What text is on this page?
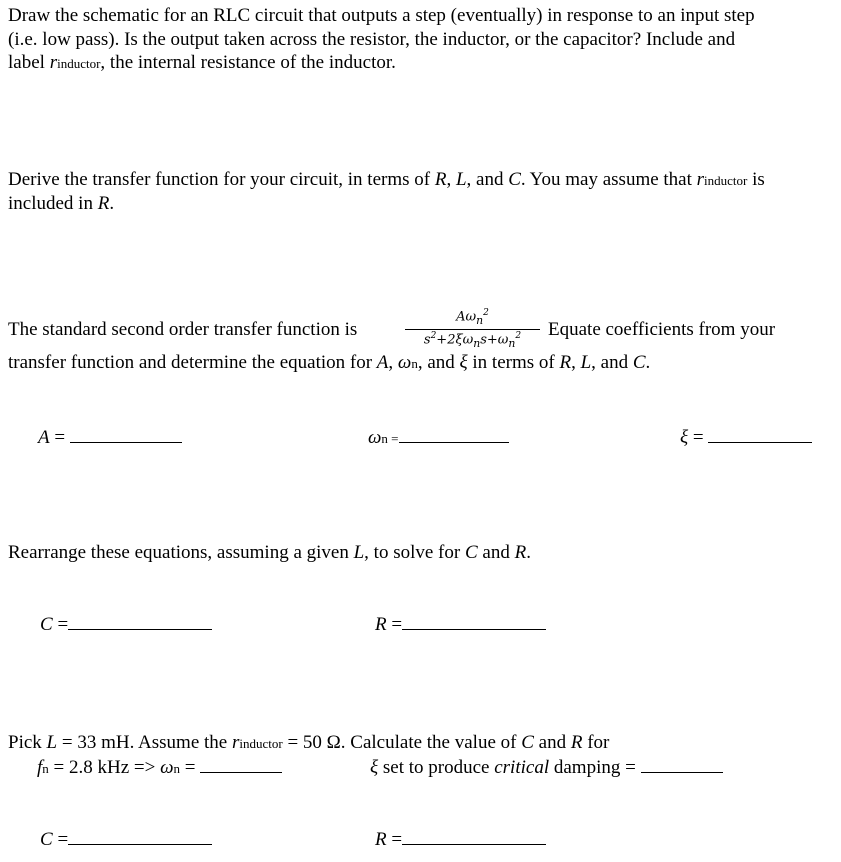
Draw the schematic for an RLC circuit that outputs a step (eventually) in response to an input step
(i.e. low pass). Is the output taken across the resistor, the inductor, or the capacitor? Include and
label rinductor, the internal resistance of the inductor.
Derive the transfer function for your circuit, in terms of R, L, and C. You may assume that rinductor is
included in R.
The standard second order transfer function is
$A\omega_n^2$
$s^2+2\xi\omega_ns+\omega_n^2$	Equate coefficients from your
transfer function and determine the equation for A, ωn, and ξ in terms of R, L, and C.
A =	ωn =	ξ =
Rearrange these equations, assuming a given L, to solve for C and R.
C =	R =
Pick L = 33 mH. Assume the rinductor = 50 Ω. Calculate the value of C and R for
fn = 2.8 kHz => ωn =	ξ set to produce critical damping =
C =	R =
